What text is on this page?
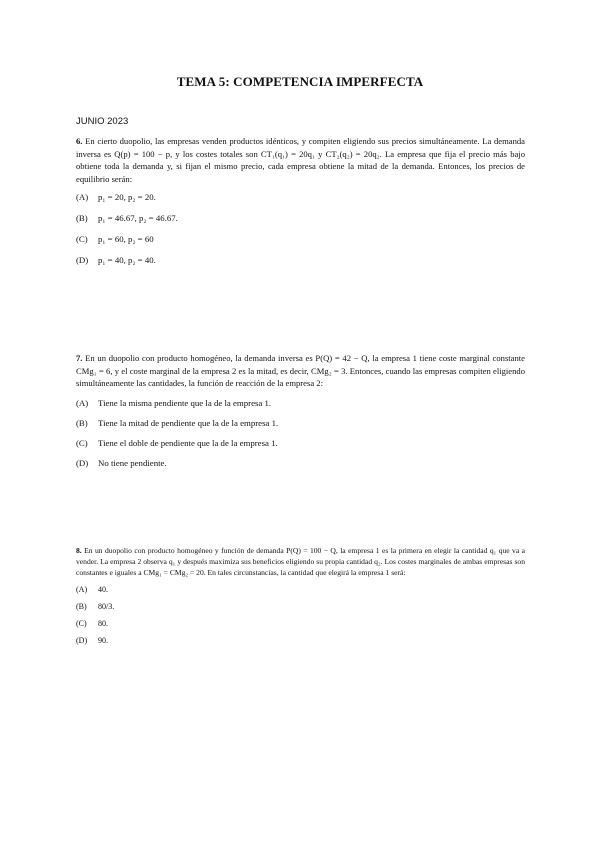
TEMA 5: COMPETENCIA IMPERFECTA
JUNIO 2023

6. En cierto duopolio, las empresas venden productos idénticos, y compiten eligiendo sus precios simultáneamente. La demanda inversa es Q(p) = 100 − p, y los costes totales son CT₁(q₁) = 20q₁ y CT₂(q₂) = 20q₂. La empresa que fija el precio más bajo obtiene toda la demanda y, si fijan el mismo precio, cada empresa obtiene la mitad de la demanda. Entonces, los precios de equilibrio serán:

(A) p₁ = 20, p₂ = 20.
(B) p₁ = 46.67, p₂ = 46.67.
(C) p₁ = 60, p₂ = 60
(D) p₁ = 40, p₂ = 40.

7. En un duopolio con producto homogéneo, la demanda inversa es P(Q) = 42 − Q, la empresa 1 tiene coste marginal constante CMg₁ = 6, y el coste marginal de la empresa 2 es la mitad, es decir, CMg₂ = 3. Entonces, cuando las empresas compiten eligiendo simultáneamente las cantidades, la función de reacción de la empresa 2:

(A) Tiene la misma pendiente que la de la empresa 1.
(B) Tiene la mitad de pendiente que la de la empresa 1.
(C) Tiene el doble de pendiente que la de la empresa 1.
(D) No tiene pendiente.

8. En un duopolio con producto homogéneo y función de demanda P(Q) = 100 − Q, la empresa 1 es la primera en elegir la cantidad q₁ que va a vender. La empresa 2 observa q₁ y después maximiza sus beneficios eligiendo su propia cantidad q₂. Los costes marginales de ambas empresas son constantes e iguales a CMg₁ = CMg₂ = 20. En tales circunstancias, la cantidad que elegirá la empresa 1 será:

(A) 40.
(B) 80/3.
(C) 80.
(D) 90.
